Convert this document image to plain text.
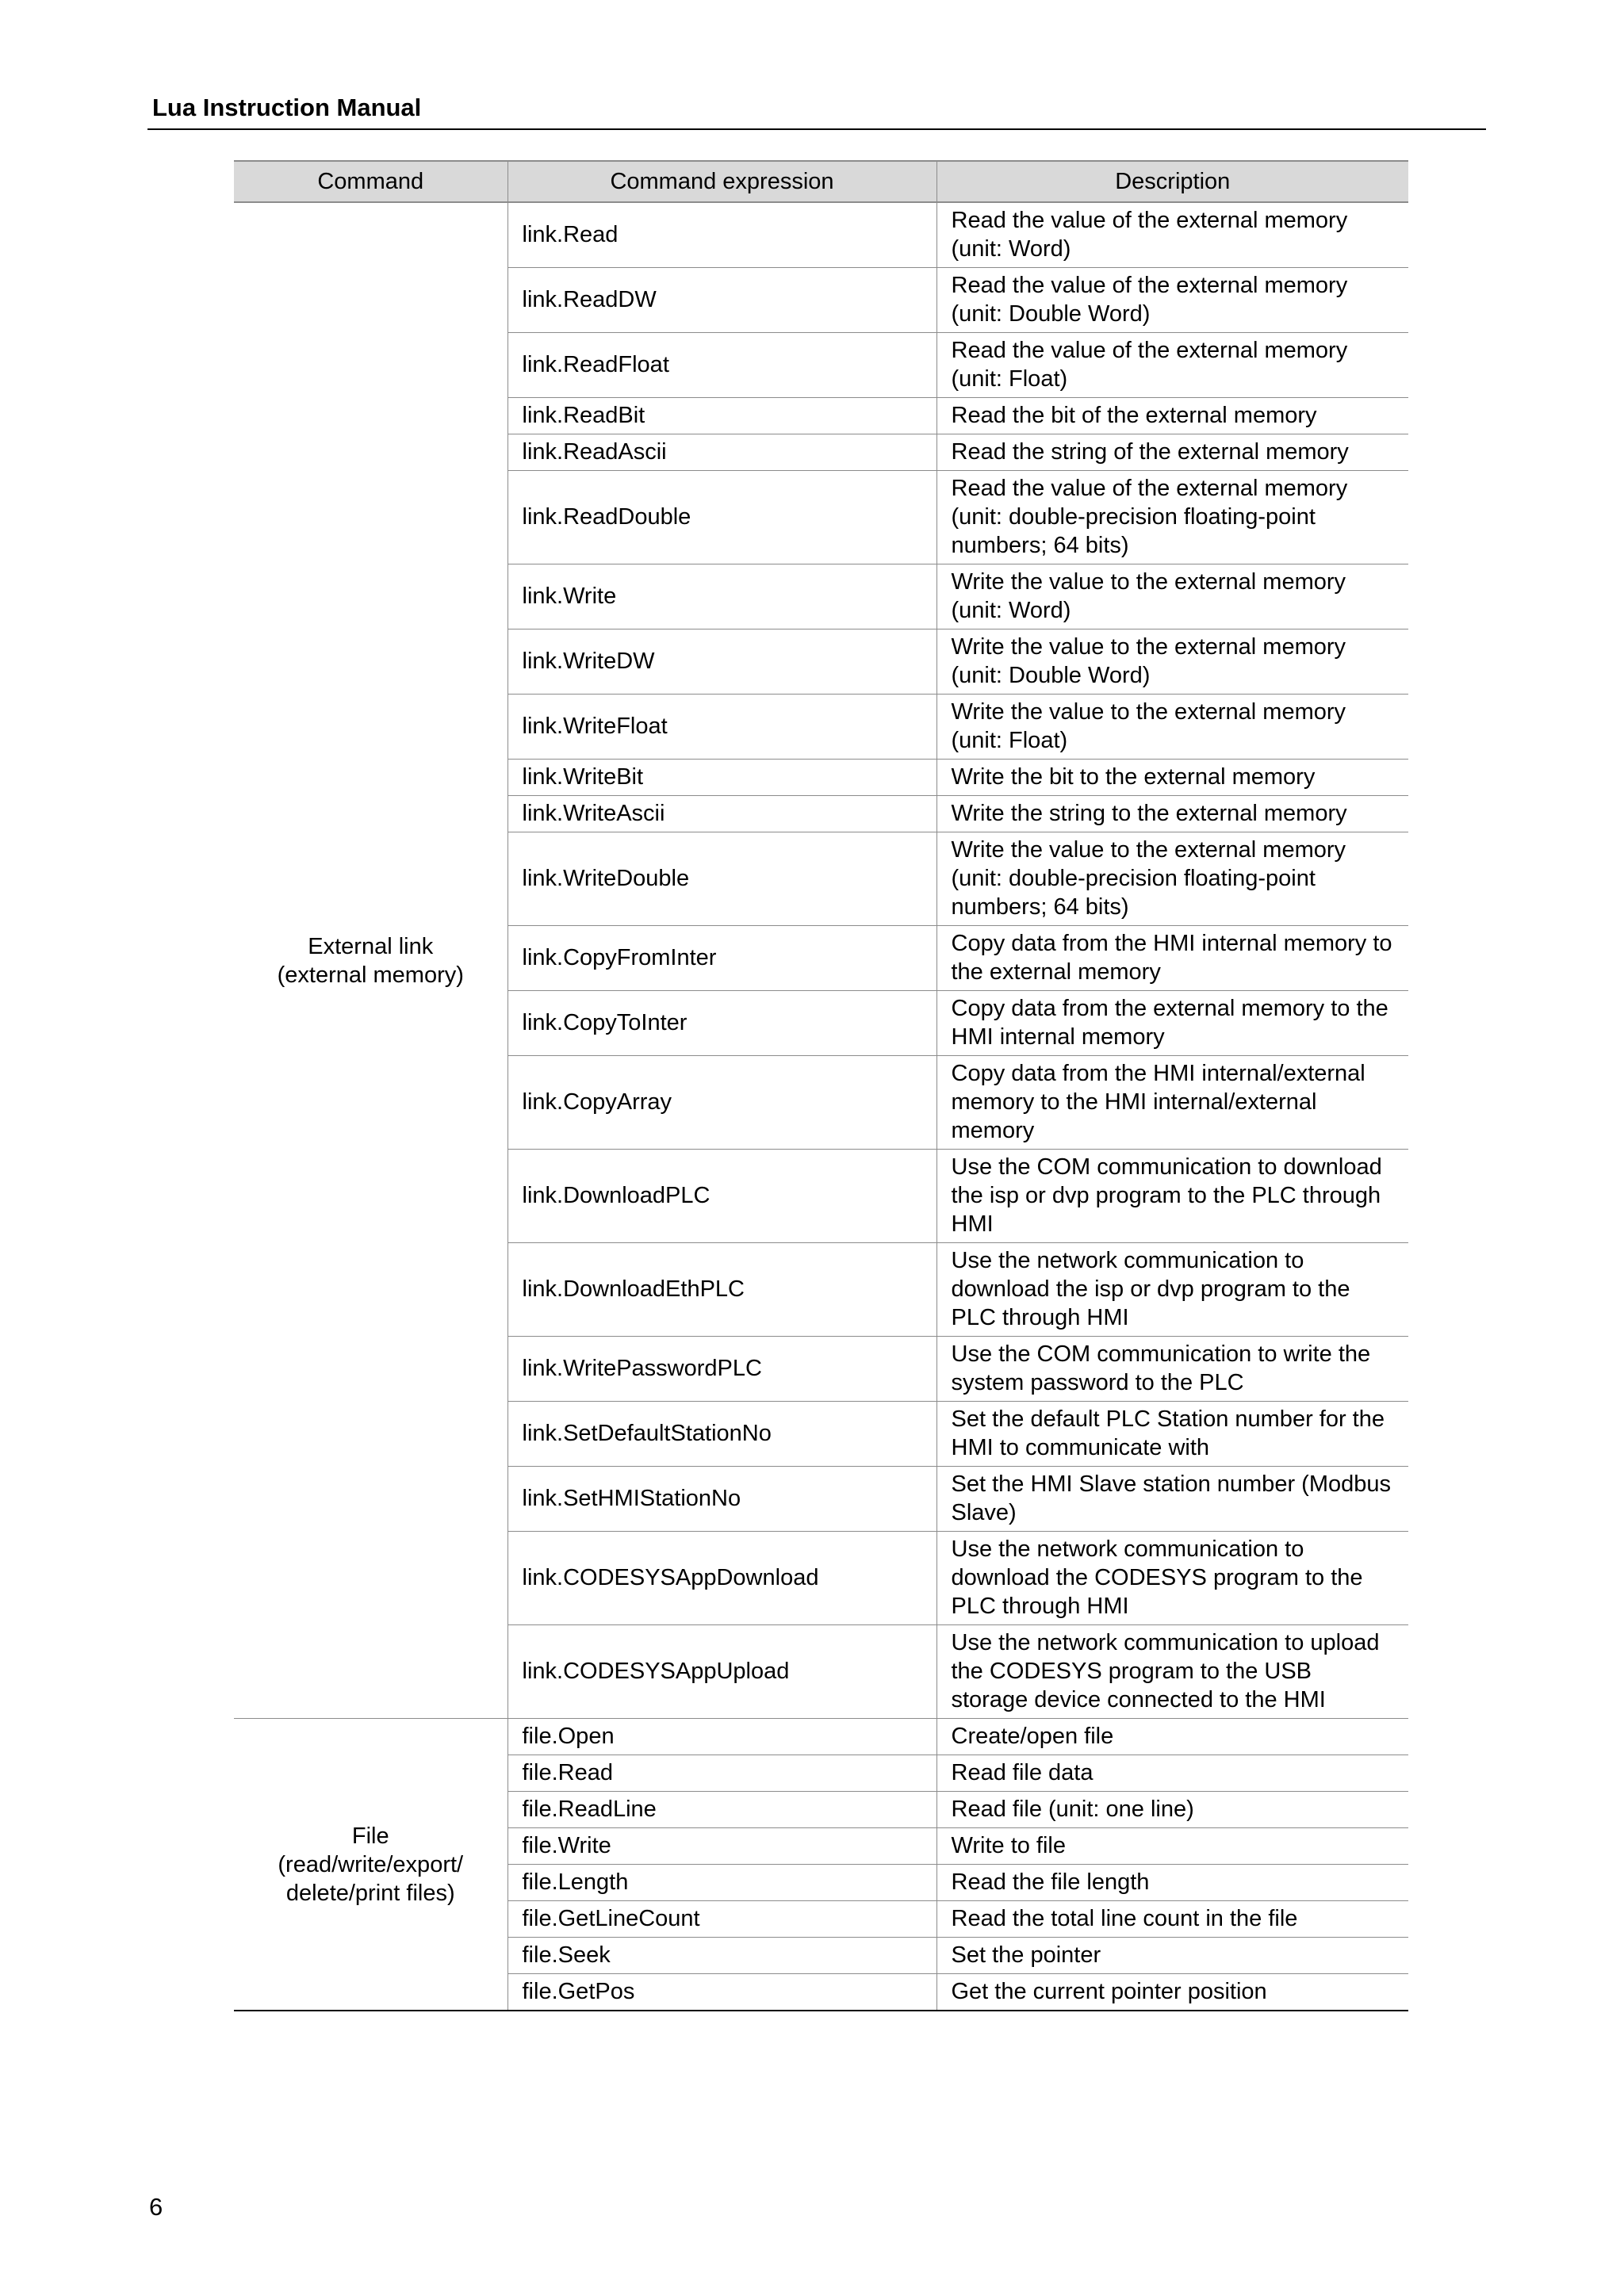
Lua Instruction Manual
Command	Command expression	Description

External link
(external memory)	link.Read	Read the value of the external memory (unit: Word)
	link.ReadDW	Read the value of the external memory (unit: Double Word)
	link.ReadFloat	Read the value of the external memory (unit: Float)
	link.ReadBit	Read the bit of the external memory
	link.ReadAscii	Read the string of the external memory
	link.ReadDouble	Read the value of the external memory (unit: double-precision floating-point numbers; 64 bits)
	link.Write	Write the value to the external memory (unit: Word)
	link.WriteDW	Write the value to the external memory (unit: Double Word)
	link.WriteFloat	Write the value to the external memory (unit: Float)
	link.WriteBit	Write the bit to the external memory
	link.WriteAscii	Write the string to the external memory
	link.WriteDouble	Write the value to the external memory (unit: double-precision floating-point numbers; 64 bits)
	link.CopyFromInter	Copy data from the HMI internal memory to the external memory
	link.CopyToInter	Copy data from the external memory to the HMI internal memory
	link.CopyArray	Copy data from the HMI internal/external memory to the HMI internal/external memory
	link.DownloadPLC	Use the COM communication to download the isp or dvp program to the PLC through HMI
	link.DownloadEthPLC	Use the network communication to download the isp or dvp program to the PLC through HMI
	link.WritePasswordPLC	Use the COM communication to write the system password to the PLC
	link.SetDefaultStationNo	Set the default PLC Station number for the HMI to communicate with
	link.SetHMIStationNo	Set the HMI Slave station number (Modbus Slave)
	link.CODESYSAppDownload	Use the network communication to download the CODESYS program to the PLC through HMI
	link.CODESYSAppUpload	Use the network communication to upload the CODESYS program to the USB storage device connected to the HMI

File
(read/write/export/
delete/print files)	file.Open	Create/open file
	file.Read	Read file data
	file.ReadLine	Read file (unit: one line)
	file.Write	Write to file
	file.Length	Read the file length
	file.GetLineCount	Read the total line count in the file
	file.Seek	Set the pointer
	file.GetPos	Get the current pointer position
6
